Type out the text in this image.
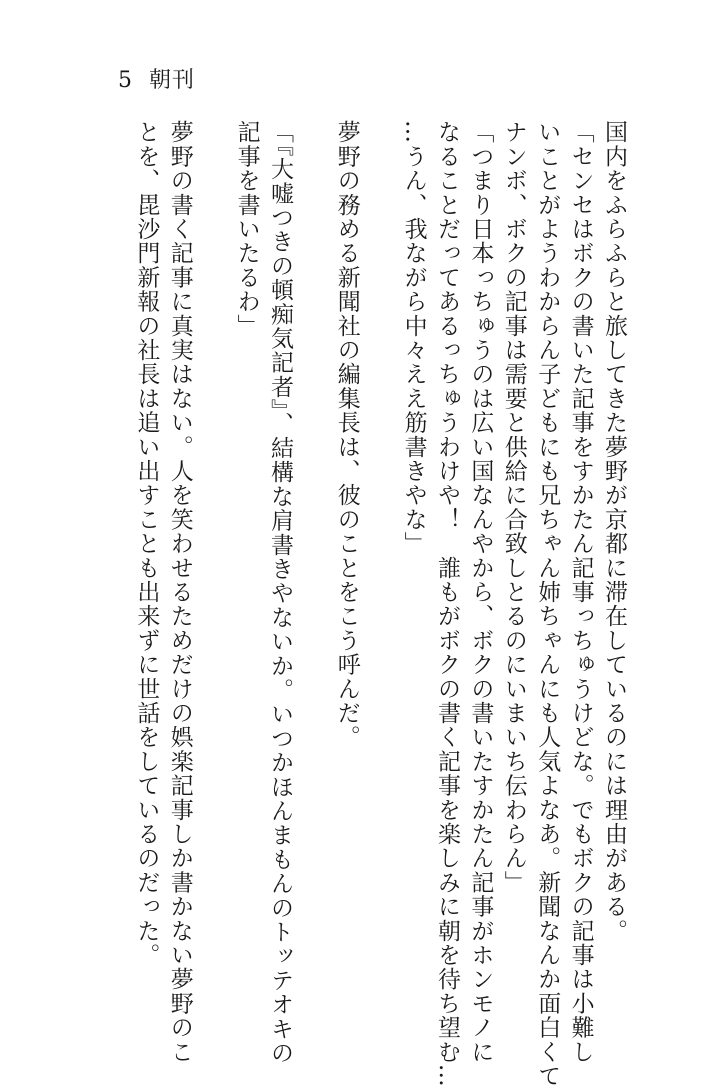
5 朝刊
国内をふらふらと旅してきた夢野が京都に滞在しているのには理由がある。
「センセはボクの書いた記事をすかたん記事っちゅうけどな。でもボクの記事は小難し
いことがようわからん子どもにも兄ちゃん姉ちゃんにも人気よなあ。新聞なんか面白くて
ナンボ、ボクの記事は需要と供給に合致しとるのにいまいち伝わらん」
「つまり日本っちゅうのは広い国なんやから、ボクの書いたすかたん記事がホンモノに
なることだってあるっちゅうわけや！　誰もがボクの書く記事を楽しみに朝を待ち望む…
…うん、我ながら中々ええ筋書きやな」
夢野の務める新聞社の編集長は、彼のことをこう呼んだ。
「『大嘘つきの頓痴気記者』、結構な肩書きやないか。いつかほんまもんのトッテオキの
記事を書いたるわ」
夢野の書く記事に真実はない。人を笑わせるためだけの娯楽記事しか書かない夢野のこ
とを、毘沙門新報の社長は追い出すことも出来ずに世話をしているのだった。
